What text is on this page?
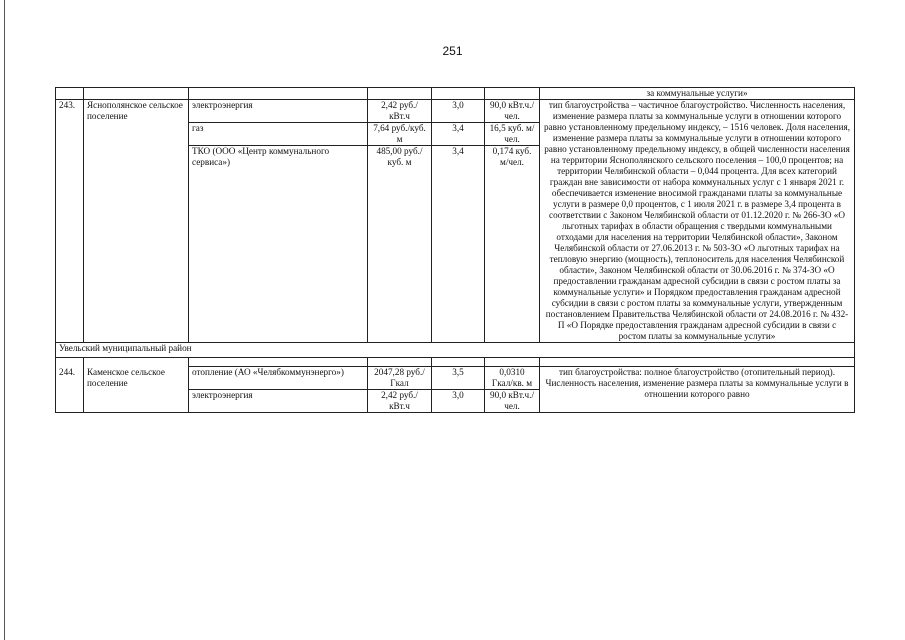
251
						за коммунальные услуги»
243.	Яснополянское сельское поселение	электроэнергия	2,42 руб./кВт.ч	3,0	90,0 кВт.ч./чел.	тип благоустройства – частичное благоустройство. Численность населения, изменение размера платы за коммунальные услуги в отношении которого равно установленному предельному индексу, – 1516 человек. Доля населения, изменение размера платы за коммунальные услуги в отношении которого равно установленному предельному индексу, в общей численности населения на территории Яснополянского сельского поселения – 100,0 процентов; на территории Челябинской области – 0,044 процента. Для всех категорий граждан вне зависимости от набора коммунальных услуг с 1 января 2021 г. обеспечивается изменение вносимой гражданами платы за коммунальные услуги в размере 0,0 процентов, с 1 июля 2021 г. в размере 3,4 процента в соответствии с Законом Челябинской области от 01.12.2020 г. № 266-ЗО «О льготных тарифах в области обращения с твердыми коммунальными отходами для населения на территории Челябинской области», Законом Челябинской области от 27.06.2013 г. № 503-ЗО «О льготных тарифах на тепловую энергию (мощность), теплоноситель для населения Челябинской области», Законом Челябинской области от 30.06.2016 г. № 374-ЗО «О предоставлении гражданам адресной субсидии в связи с ростом платы за коммунальные услуги» и Порядком предоставления гражданам адресной субсидии в связи с ростом платы за коммунальные услуги, утвержденным постановлением Правительства Челябинской области от 24.08.2016 г. № 432-П «О Порядке предоставления гражданам адресной субсидии в связи с ростом платы за коммунальные услуги»
		газ	7,64 руб./куб. м	3,4	16,5 куб. м/чел.	
		ТКО (ООО «Центр коммунального сервиса»)	485,00 руб./куб. м	3,4	0,174 куб. м/чел.	
Увельский муниципальный район						

244.	Каменское сельское поселение	отопление (АО «Челябкоммунэнерго»)	2047,28 руб./Гкал	3,5	0,0310 Гкал/кв. м	тип благоустройства: полное благоустройство (отопительный период). Численность населения, изменение размера платы за коммунальные услуги в отношении которого равно
		электроэнергия	2,42 руб./кВт.ч	3,0	90,0 кВт.ч./чел.	
